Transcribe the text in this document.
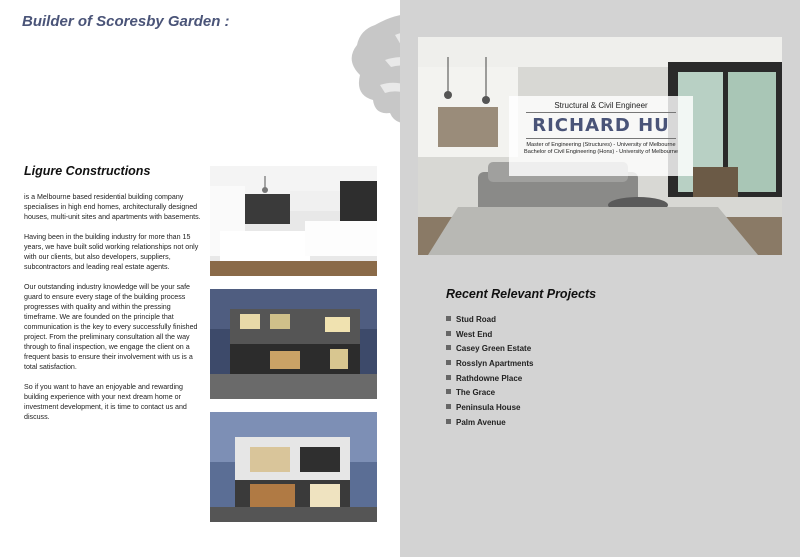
Builder of Scoresby Garden :
Ligure Constructions

is a Melbourne based residential building company specialises in high end homes, architecturally designed houses, multi-unit sites and apartments with basements.

Having been in the building industry for more than 15 years, we have built solid working relationships not only with our clients, but also developers, suppliers, subcontractors and leading real estate agents.

Our outstanding industry knowledge will be your safe guard to ensure every stage of the building process progresses with quality and within the pressing timeframe. We are founded on the principle that communication is the key to every successfully finished project. From the preliminary consultation all the way through to final inspection, we engage the client on a frequent basis to ensure their involvement with us is a total satisfaction.

So if you want to have an enjoyable and rewarding building experience with your next dream home or investment development, it is time to contact us and discuss.

Structural & Civil Engineer
RICHARD HU
Master of Engineering (Structures) - University of Melbourne
Bachelor of Civil Engineering (Hons) - University of Melbourne
Recent Relevant Projects
Stud Road
West End
Casey Green Estate
Rosslyn Apartments
Rathdowne Place
The Grace
Peninsula House
Palm Avenue
